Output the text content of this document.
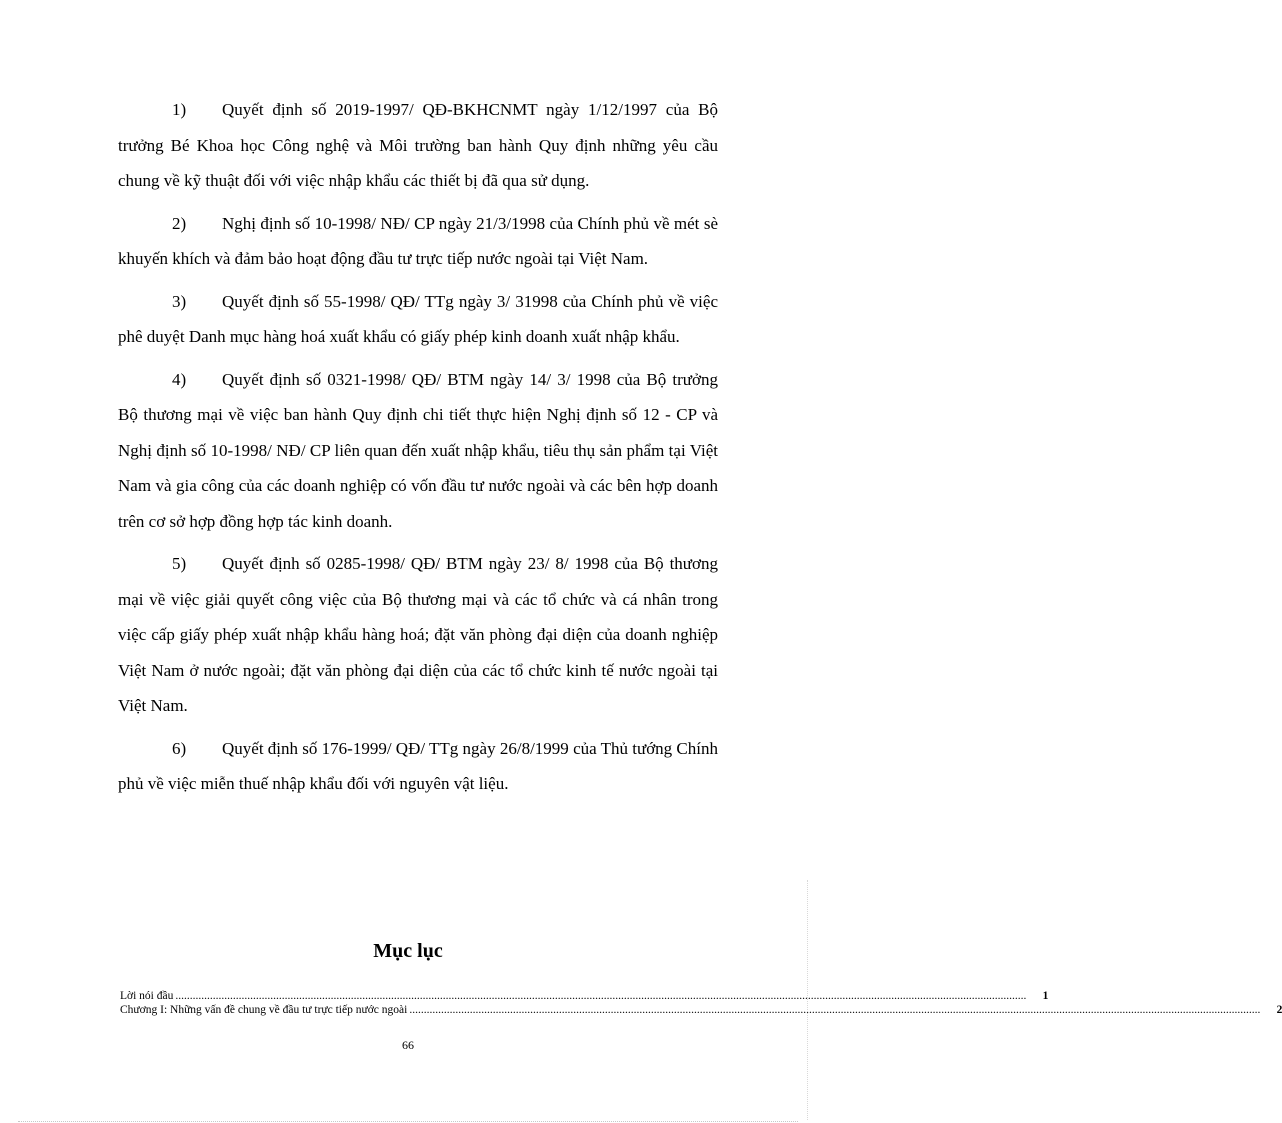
1) Quyết định số 2019-1997/ QĐ-BKHCNMT ngày 1/12/1997 của Bộ trưởng Bé Khoa học Công nghệ và Môi trường ban hành Quy định những yêu cầu chung về kỹ thuật đối với việc nhập khẩu các thiết bị đã qua sử dụng.

2) Nghị định số 10-1998/ NĐ/ CP ngày 21/3/1998 của Chính phủ về mét sè khuyến khích và đảm bảo hoạt động đầu tư trực tiếp nước ngoài tại Việt Nam.

3) Quyết định số 55-1998/ QĐ/ TTg ngày 3/ 31998 của Chính phủ về việc phê duyệt Danh mục hàng hoá xuất khẩu có giấy phép kinh doanh xuất nhập khẩu.

4) Quyết định số 0321-1998/ QĐ/ BTM ngày 14/ 3/ 1998 của Bộ trưởng Bộ thương mại về việc ban hành Quy định chi tiết thực hiện Nghị định số 12 - CP và Nghị định số 10-1998/ NĐ/ CP liên quan đến xuất nhập khẩu, tiêu thụ sản phẩm tại Việt Nam và gia công của các doanh nghiệp có vốn đầu tư nước ngoài và các bên hợp doanh trên cơ sở hợp đồng hợp tác kinh doanh.

5) Quyết định số 0285-1998/ QĐ/ BTM ngày 23/ 8/ 1998 của Bộ thương mại về việc giải quyết công việc của Bộ thương mại và các tổ chức và cá nhân trong việc cấp giấy phép xuất nhập khẩu hàng hoá; đặt văn phòng đại diện của doanh nghiệp Việt Nam ở nước ngoài; đặt văn phòng đại diện của các tổ chức kinh tế nước ngoài tại Việt Nam.

6) Quyết định số 176-1999/ QĐ/ TTg ngày 26/8/1999 của Thủ tướng Chính phủ về việc miễn thuế nhập khẩu đối với nguyên vật liệu.

Mục lục
Lời nói đầu ........................................................................................................................................................................................................................................................................................................	1
Chương I: Những vấn đề chung về đầu tư trực tiếp nước ngoài ........................................................................................................................................................................................................................................................................................................	2
66
